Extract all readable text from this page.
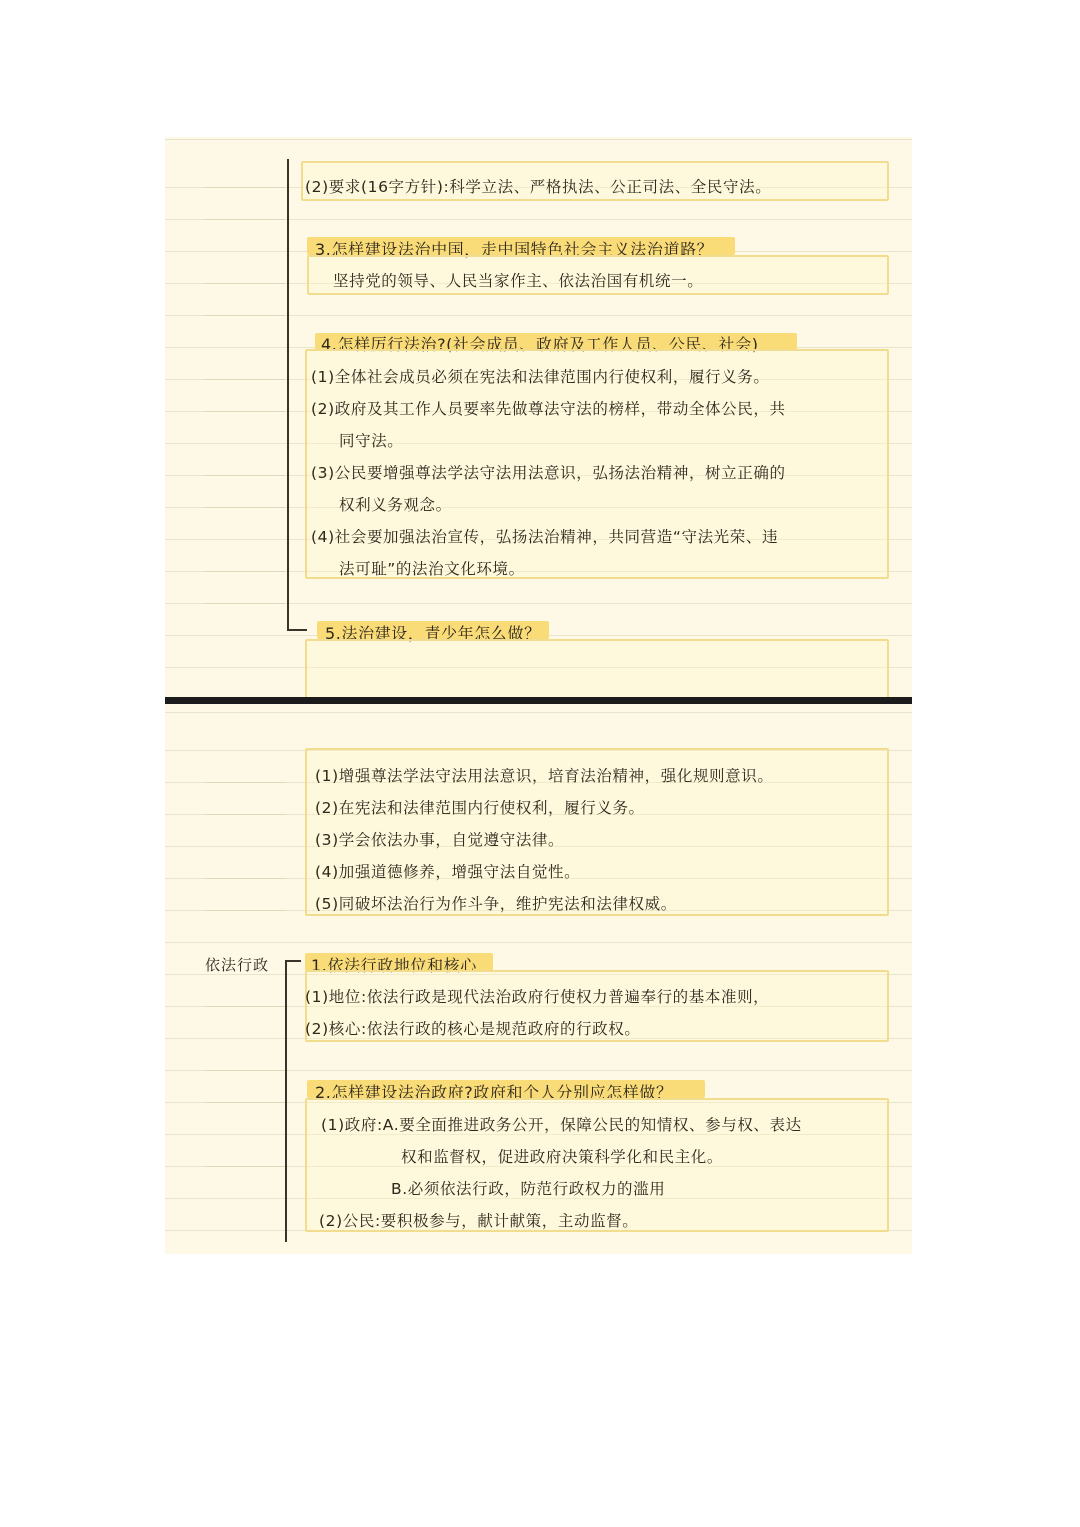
(2)要求(16字方针):科学立法、严格执法、公正司法、全民守法。
3.怎样建设法治中国，走中国特色社会主义法治道路？
坚持党的领导、人民当家作主、依法治国有机统一。
4.怎样厉行法治?(社会成员、政府及工作人员、公民、社会)
(1)全体社会成员必须在宪法和法律范围内行使权利，履行义务。
(2)政府及其工作人员要率先做尊法守法的榜样，带动全体公民，共
同守法。
(3)公民要增强尊法学法守法用法意识，弘扬法治精神，树立正确的
权利义务观念。
(4)社会要加强法治宣传，弘扬法治精神，共同营造“守法光荣、违
法可耻”的法治文化环境。
5.法治建设，青少年怎么做？
(1)增强尊法学法守法用法意识，培育法治精神，强化规则意识。
(2)在宪法和法律范围内行使权利，履行义务。
(3)学会依法办事，自觉遵守法律。
(4)加强道德修养，增强守法自觉性。
(5)同破坏法治行为作斗争，维护宪法和法律权威。
依法行政	1.依法行政地位和核心
(1)地位:依法行政是现代法治政府行使权力普遍奉行的基本准则，
(2)核心:依法行政的核心是规范政府的行政权。
2.怎样建设法治政府?政府和个人分别应怎样做？
(1)政府:A.要全面推进政务公开，保障公民的知情权、参与权、表达
权和监督权，促进政府决策科学化和民主化。
B.必须依法行政，防范行政权力的滥用
(2)公民:要积极参与，献计献策，主动监督。
